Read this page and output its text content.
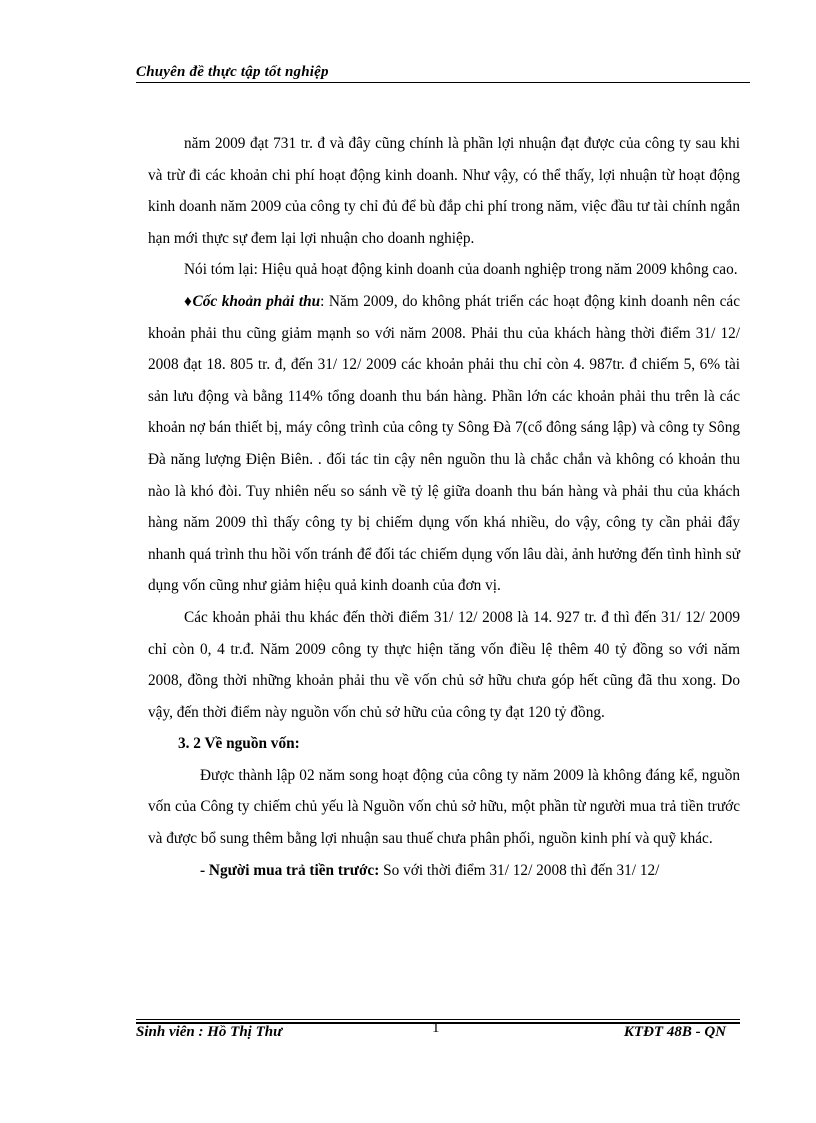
Chuyên đề thực tập tốt nghiệp

năm 2009 đạt 731 tr. đ và đây cũng chính là phần lợi nhuận đạt được của công ty sau khi và trừ đi các khoản chi phí hoạt động kinh doanh. Như vậy, có thể thấy, lợi nhuận từ hoạt động kinh doanh năm 2009 của công ty chỉ đủ để bù đắp chi phí trong năm, việc đầu tư tài chính ngắn hạn mới thực sự đem lại lợi nhuận cho doanh nghiệp.

Nói tóm lại: Hiệu quả hoạt động kinh doanh của doanh nghiệp trong năm 2009 không cao.

♦Cốc khoản phải thu: Năm 2009, do không phát triển các hoạt động kinh doanh nên các khoản phải thu cũng giảm mạnh so với năm 2008. Phải thu của khách hàng thời điểm 31/ 12/ 2008 đạt 18. 805 tr. đ, đến 31/ 12/ 2009 các khoản phải thu chỉ còn 4. 987tr. đ chiếm 5, 6% tài sản lưu động và bằng 114% tổng doanh thu bán hàng. Phần lớn các khoản phải thu trên là các khoản nợ bán thiết bị, máy công trình của công ty Sông Đà 7(cổ đông sáng lập) và công ty Sông Đà năng lượng Điện Biên. . đối tác tin cậy nên nguồn thu là chắc chắn và không có khoản thu nào là khó đòi. Tuy nhiên nếu so sánh về tỷ lệ giữa doanh thu bán hàng và phải thu của khách hàng năm 2009 thì thấy công ty bị chiếm dụng vốn khá nhiều, do vậy, công ty cần phải đẩy nhanh quá trình thu hồi vốn tránh để đối tác chiếm dụng vốn lâu dài, ảnh hưởng đến tình hình sử dụng vốn cũng như giảm hiệu quả kinh doanh của đơn vị.

Các khoản phải thu khác đến thời điểm 31/ 12/ 2008 là 14. 927 tr. đ thì đến 31/ 12/ 2009 chỉ còn 0, 4 tr.đ. Năm 2009 công ty thực hiện tăng vốn điều lệ thêm 40 tỷ đồng so với năm 2008, đồng thời những khoản phải thu về vốn chủ sở hữu chưa góp hết cũng đã thu xong. Do vậy, đến thời điểm này nguồn vốn chủ sở hữu của công ty đạt 120 tỷ đồng.

3. 2 Về nguồn vốn:

Được thành lập 02 năm song hoạt động của công ty năm 2009 là không đáng kể, nguồn vốn của Công ty chiếm chủ yếu là Nguồn vốn chủ sở hữu, một phần từ người mua trả tiền trước và được bổ sung thêm bằng lợi nhuận sau thuế chưa phân phối, nguồn kinh phí và quỹ khác.

- Người mua trả tiền trước: So với thời điểm 31/ 12/ 2008 thì đến 31/ 12/

Sinh viên : Hồ Thị Thư	1	KTĐT 48B - QN
